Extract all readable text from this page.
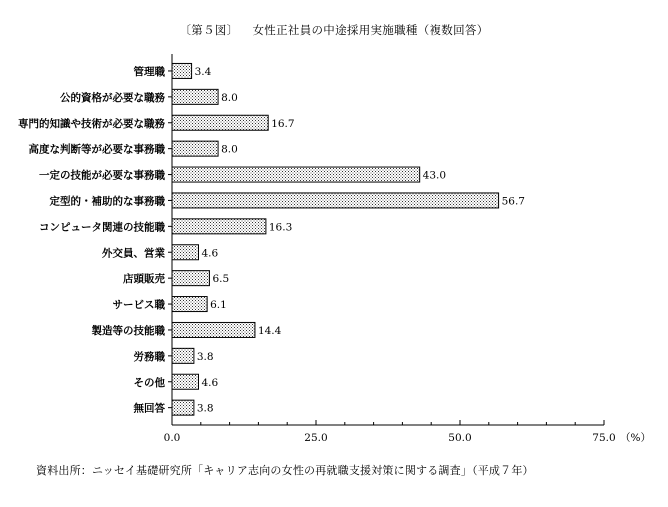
〔第５図〕 女性正社員の中途採用実施職種（複数回答）
管理職	3.4
公的資格が必要な職務	8.0
専門的知識や技術が必要な職務	16.7
高度な判断等が必要な事務職	8.0
一定の技能が必要な事務職	43.0
定型的・補助的な事務職	56.7
コンピュータ関連の技能職	16.3
外交員、営業	4.6
店頭販売	6.5
サービス職	6.1
製造等の技能職	14.4
労務職	3.8
その他	4.6
無回答	3.8
0.0	25.0	50.0	75.0 （%）
資料出所：ニッセイ基礎研究所「キャリア志向の女性の再就職支援対策に関する調査」（平成７年）
